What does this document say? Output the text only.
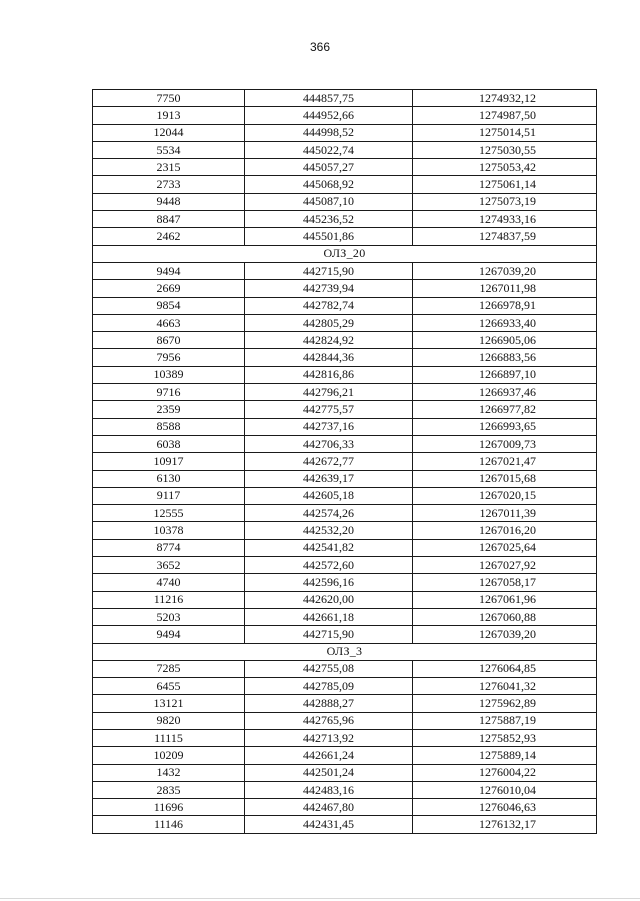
366
7750	444857,75	1274932,12
1913	444952,66	1274987,50
12044	444998,52	1275014,51
5534	445022,74	1275030,55
2315	445057,27	1275053,42
2733	445068,92	1275061,14
9448	445087,10	1275073,19
8847	445236,52	1274933,16
2462	445501,86	1274837,59
ОЛЗ_20		
9494	442715,90	1267039,20
2669	442739,94	1267011,98
9854	442782,74	1266978,91
4663	442805,29	1266933,40
8670	442824,92	1266905,06
7956	442844,36	1266883,56
10389	442816,86	1266897,10
9716	442796,21	1266937,46
2359	442775,57	1266977,82
8588	442737,16	1266993,65
6038	442706,33	1267009,73
10917	442672,77	1267021,47
6130	442639,17	1267015,68
9117	442605,18	1267020,15
12555	442574,26	1267011,39
10378	442532,20	1267016,20
8774	442541,82	1267025,64
3652	442572,60	1267027,92
4740	442596,16	1267058,17
11216	442620,00	1267061,96
5203	442661,18	1267060,88
9494	442715,90	1267039,20
ОЛЗ_3		
7285	442755,08	1276064,85
6455	442785,09	1276041,32
13121	442888,27	1275962,89
9820	442765,96	1275887,19
11115	442713,92	1275852,93
10209	442661,24	1275889,14
1432	442501,24	1276004,22
2835	442483,16	1276010,04
11696	442467,80	1276046,63
11146	442431,45	1276132,17
